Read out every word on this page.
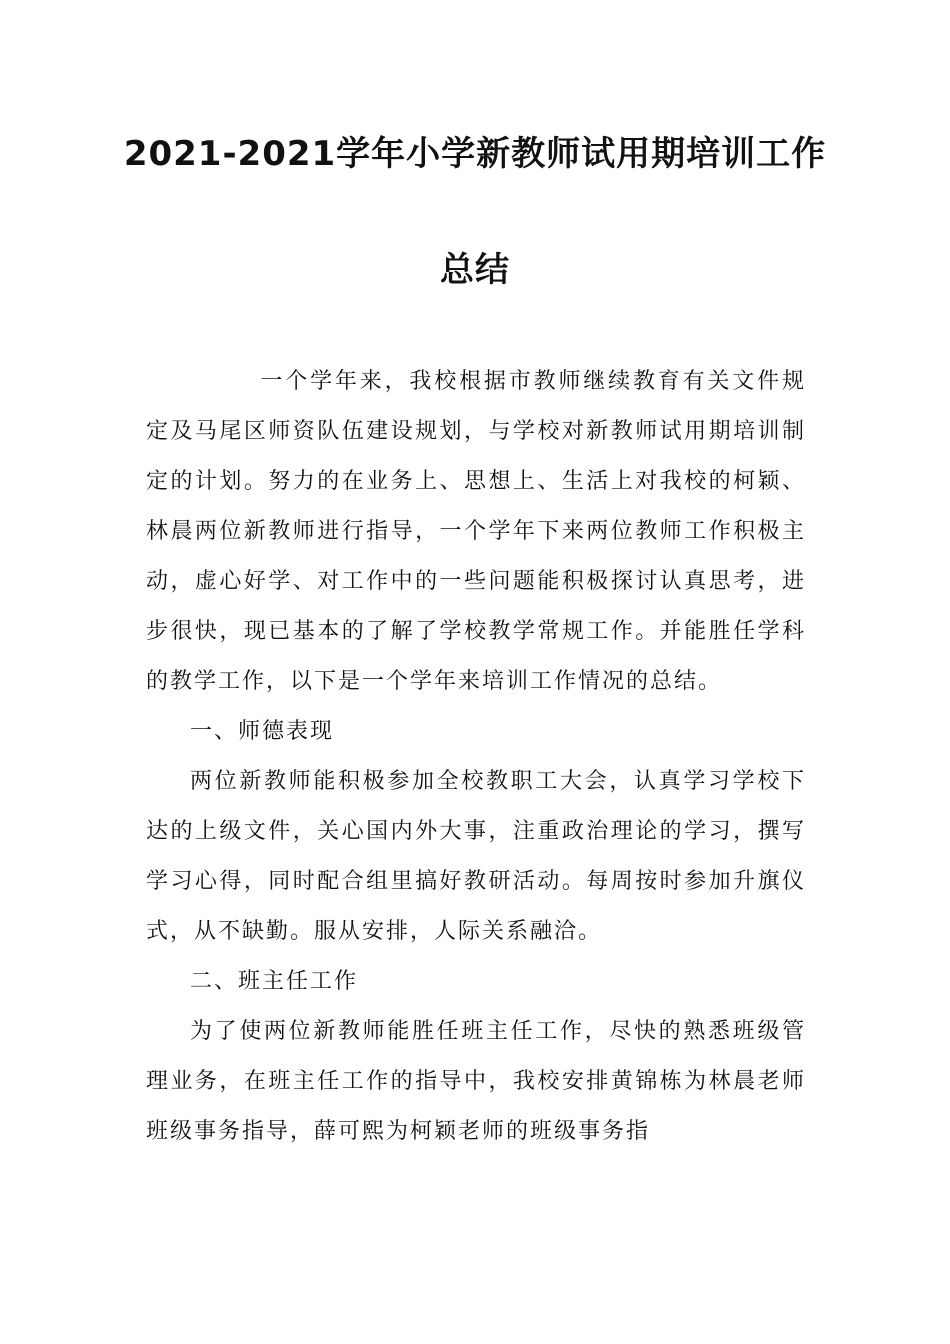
2021-2021学年小学新教师试用期培训工作
总结

一个学年来，我校根据市教师继续教育有关文件规定及马尾区师资队伍建设规划，与学校对新教师试用期培训制定的计划。努力的在业务上、思想上、生活上对我校的柯颖、林晨两位新教师进行指导，一个学年下来两位教师工作积极主动，虚心好学、对工作中的一些问题能积极探讨认真思考，进步很快，现已基本的了解了学校教学常规工作。并能胜任学科的教学工作，以下是一个学年来培训工作情况的总结。

一、师德表现

两位新教师能积极参加全校教职工大会，认真学习学校下达的上级文件，关心国内外大事，注重政治理论的学习，撰写学习心得，同时配合组里搞好教研活动。每周按时参加升旗仪式，从不缺勤。服从安排，人际关系融洽。

二、班主任工作

为了使两位新教师能胜任班主任工作，尽快的熟悉班级管理业务，在班主任工作的指导中，我校安排黄锦栋为林晨老师班级事务指导，薛可熙为柯颖老师的班级事务指
